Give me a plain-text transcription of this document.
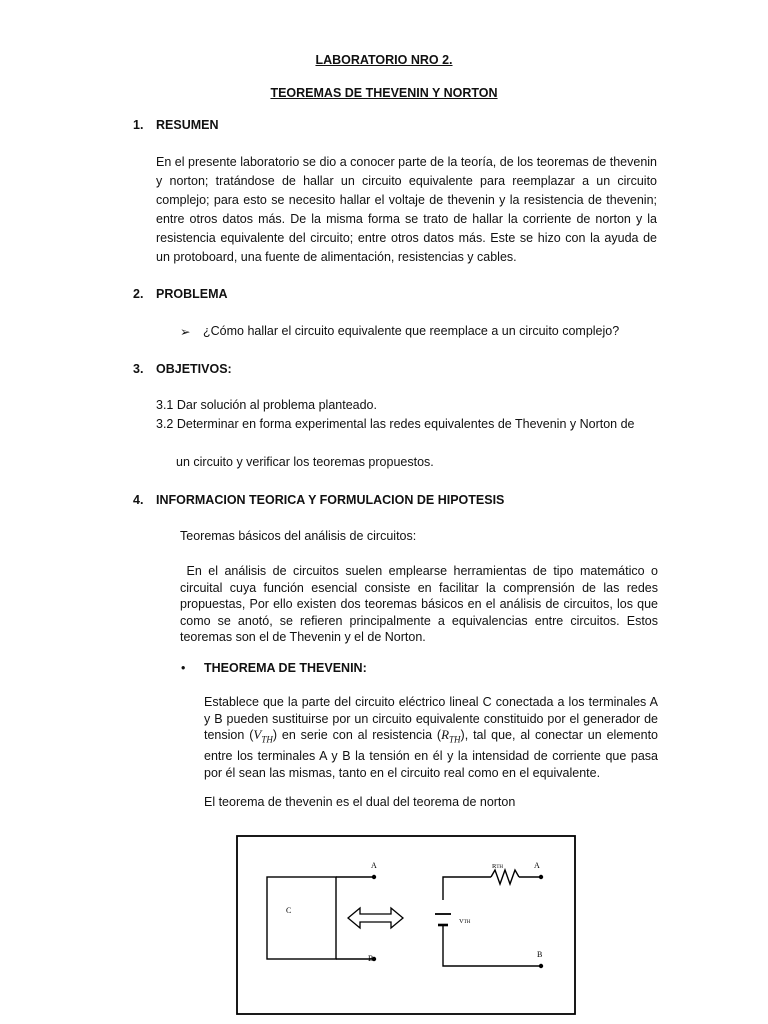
LABORATORIO NRO 2.
TEOREMAS DE THEVENIN Y NORTON
1. RESUMEN
En el presente laboratorio se dio a conocer parte de la teoría, de los teoremas de thevenin y norton; tratándose de hallar un circuito equivalente para reemplazar a un circuito complejo; para esto se necesito hallar el voltaje de thevenin y la resistencia de thevenin; entre otros datos más. De la misma forma se trato de hallar la corriente de norton y la resistencia equivalente del circuito; entre otros datos más. Este se hizo con la ayuda de un protoboard, una fuente de alimentación, resistencias y cables.
2. PROBLEMA
➢ ¿Cómo hallar el circuito equivalente que reemplace a un circuito complejo?
3. OBJETIVOS:
3.1 Dar solución al problema planteado.
3.2 Determinar en forma experimental las redes equivalentes de Thevenin y Norton de
un circuito y verificar los teoremas propuestos.
4. INFORMACION TEORICA Y FORMULACION DE HIPOTESIS
Teoremas básicos del análisis de circuitos:
En el análisis de circuitos suelen emplearse herramientas de tipo matemático o circuital cuya función esencial consiste en facilitar la comprensión de las redes propuestas, Por ello existen dos teoremas básicos en el análisis de circuitos, los que como se anotó, se refieren principalmente a equivalencias entre circuitos. Estos teoremas son el de Thevenin y el de Norton.
• THEOREMA DE THEVENIN:
Establece que la parte del circuito eléctrico lineal C conectada a los terminales A y B pueden sustituirse por un circuito equivalente constituido por el generador de tension $(V_{TH})$ en serie con al resistencia $(R_{TH})$, tal que, al conectar un elemento entre los terminales A y B la tensión en él y la intensidad de corriente que pasa por él sean las mismas, tanto en el circuito real como en el equivalente.
El teorema de thevenin es el dual del teorema de norton
A
B
C
RTH	A
VTH
B
